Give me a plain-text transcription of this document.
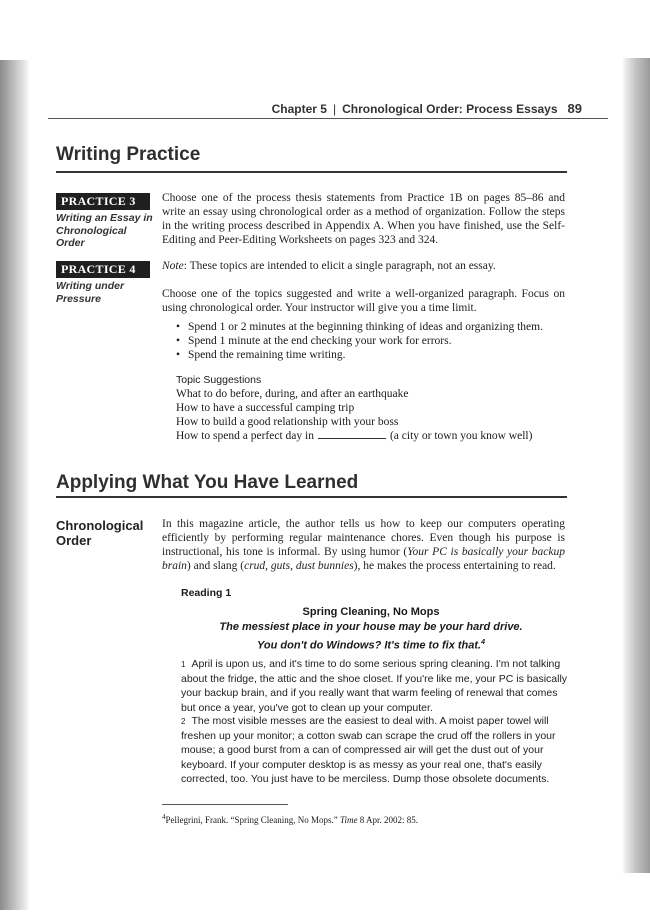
Chapter 5 | Chronological Order: Process Essays 89
Writing Practice
PRACTICE 3
Writing an Essay in Chronological Order
Choose one of the process thesis statements from Practice 1B on pages 85–86 and write an essay using chronological order as a method of organization. Follow the steps in the writing process described in Appendix A. When you have finished, use the Self-Editing and Peer-Editing Worksheets on pages 323 and 324.
PRACTICE 4
Writing under Pressure
Note: These topics are intended to elicit a single paragraph, not an essay.
Choose one of the topics suggested and write a well-organized paragraph. Focus on using chronological order. Your instructor will give you a time limit.
• Spend 1 or 2 minutes at the beginning thinking of ideas and organizing them.
• Spend 1 minute at the end checking your work for errors.
• Spend the remaining time writing.
Topic Suggestions
What to do before, during, and after an earthquake
How to have a successful camping trip
How to build a good relationship with your boss
How to spend a perfect day in	(a city or town you know well)
Applying What You Have Learned
Chronological
Order
In this magazine article, the author tells us how to keep our computers operating efficiently by performing regular maintenance chores. Even though his purpose is instructional, his tone is informal. By using humor (Your PC is basically your backup brain) and slang (crud, guts, dust bunnies), he makes the process entertaining to read.
Reading 1
Spring Cleaning, No Mops
The messiest place in your house may be your hard drive.
You don't do Windows? It's time to fix that.$^4$
1 April is upon us, and it's time to do some serious spring cleaning. I'm not talking about the fridge, the attic and the shoe closet. If you're like me, your PC is basically your backup brain, and if you really want that warm feeling of renewal that comes but once a year, you've got to clean up your computer.
2 The most visible messes are the easiest to deal with. A moist paper towel will freshen up your monitor; a cotton swab can scrape the crud off the rollers in your mouse; a good burst from a can of compressed air will get the dust out of your keyboard. If your computer desktop is as messy as your real one, that's easily corrected, too. You just have to be merciless. Dump those obsolete documents.
$^4$Pellegrini, Frank. “Spring Cleaning, No Mops.” Time 8 Apr. 2002: 85.
